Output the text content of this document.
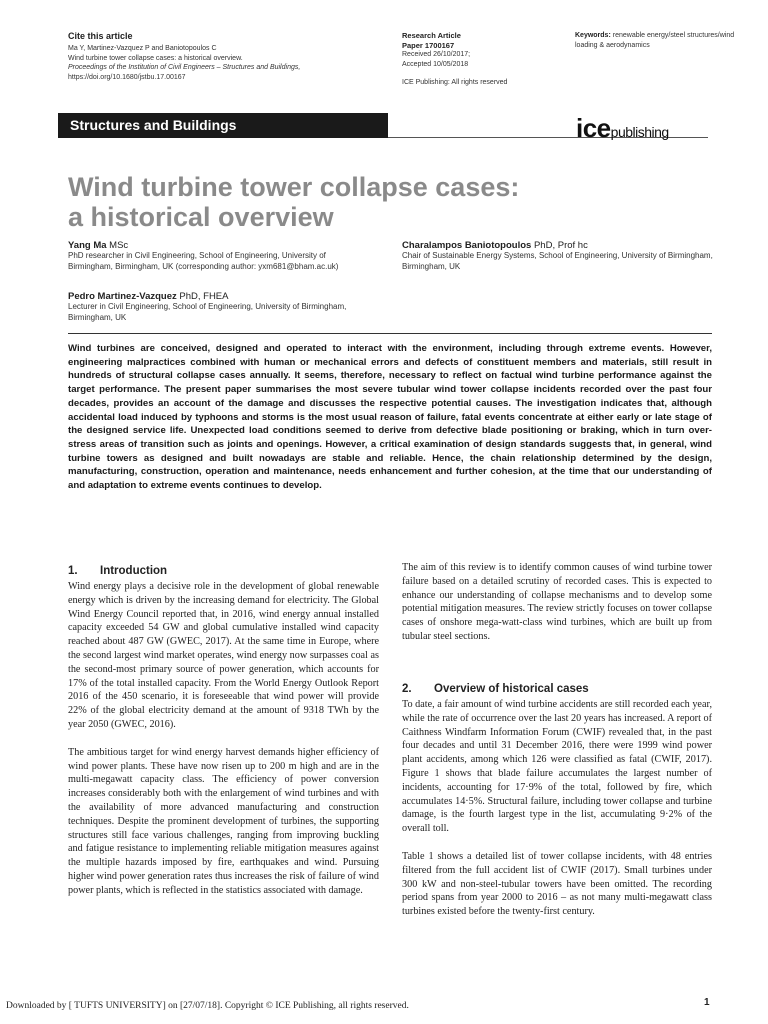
Cite this article
Ma Y, Martinez-Vazquez P and Baniotopoulos C
Wind turbine tower collapse cases: a historical overview.
Proceedings of the Institution of Civil Engineers – Structures and Buildings,
https://doi.org/10.1680/jstbu.17.00167
Research Article
Paper 1700167
Received 26/10/2017;
Accepted 10/05/2018
ICE Publishing: All rights reserved
Keywords: renewable energy/steel structures/wind loading & aerodynamics
Structures and Buildings	icepublishing
Wind turbine tower collapse cases:
a historical overview
Yang Ma MSc
PhD researcher in Civil Engineering, School of Engineering, University of Birmingham, Birmingham, UK (corresponding author: yxm681@bham.ac.uk)
Pedro Martinez-Vazquez PhD, FHEA
Lecturer in Civil Engineering, School of Engineering, University of Birmingham, Birmingham, UK
Charalampos Baniotopoulos PhD, Prof hc
Chair of Sustainable Energy Systems, School of Engineering, University of Birmingham, Birmingham, UK
Wind turbines are conceived, designed and operated to interact with the environment, including through extreme events. However, engineering malpractices combined with human or mechanical errors and defects of constituent members and materials, still result in hundreds of structural collapse cases annually. It seems, therefore, necessary to reflect on factual wind turbine performance against the target performance. The present paper summarises the most severe tubular wind tower collapse incidents recorded over the past four decades, provides an account of the damage and discusses the respective potential causes. The investigation indicates that, although accidental load induced by typhoons and storms is the most usual reason of failure, fatal events concentrate at either early or late stage of the designed service life. Unexpected load conditions seemed to derive from defective blade positioning or braking, which in turn over-stress areas of transition such as joints and openings. However, a critical examination of design standards suggests that, in general, wind turbine towers as designed and built nowadays are stable and reliable. Hence, the chain relationship determined by the design, manufacturing, construction, operation and maintenance, needs enhancement and further cohesion, at the time that our understanding of and adaptation to extreme events continues to develop.
1. Introduction

Wind energy plays a decisive role in the development of global renewable energy which is driven by the increasing demand for electricity. The Global Wind Energy Council reported that, in 2016, wind energy annual installed capacity exceeded 54 GW and global cumulative installed wind capacity reached about 487 GW (GWEC, 2017). At the same time in Europe, where the second largest wind market operates, wind energy now surpasses coal as the second-most primary source of power generation, which accounts for 17% of the total installed capacity. From the World Energy Outlook Report 2016 of the 450 scenario, it is foreseeable that wind power will provide 22% of the global electricity demand at the amount of 9318 TWh by the year 2050 (GWEC, 2016).

The ambitious target for wind energy harvest demands higher efficiency of wind power plants. These have now risen up to 200 m high and are in the multi-megawatt capacity class. The efficiency of power conversion increases considerably both with the enlargement of wind turbines and with the availability of more advanced manufacturing and construction techniques. Despite the prominent development of turbines, the supporting structures still face various challenges, ranging from improving buckling and fatigue resistance to implementing reliable mitigation measures against the multiple hazards imposed by fire, earthquakes and wind. Pursuing higher wind power generation rates thus increases the risk of failure of wind power plants, which is reflected in the statistics associated with damage.

The aim of this review is to identify common causes of wind turbine tower failure based on a detailed scrutiny of recorded cases. This is expected to enhance our understanding of collapse mechanisms and to develop some potential mitigation measures. The review strictly focuses on tower collapse cases of onshore mega-watt-class wind turbines, which are built up from tubular steel sections.

2. Overview of historical cases

To date, a fair amount of wind turbine accidents are still recorded each year, while the rate of occurrence over the last 20 years has increased. A report of Caithness Windfarm Information Forum (CWIF) revealed that, in the past four decades and until 31 December 2016, there were 1999 wind power plant accidents, among which 126 were classified as fatal (CWIF, 2017). Figure 1 shows that blade failure accumulates the largest number of incidents, accounting for 17·9% of the total, followed by fire, which accumulates 14·5%. Structural failure, including tower collapse and turbine damage, is the fourth largest type in the list, accumulating 9·2% of the overall toll.

Table 1 shows a detailed list of tower collapse incidents, with 48 entries filtered from the full accident list of CWIF (2017). Small turbines under 300 kW and non-steel-tubular towers have been omitted. The recording period spans from year 2000 to 2016 – as not many multi-megawatt class turbines existed before the twenty-first century.

Downloaded by [ TUFTS UNIVERSITY] on [27/07/18]. Copyright © ICE Publishing, all rights reserved.	1
